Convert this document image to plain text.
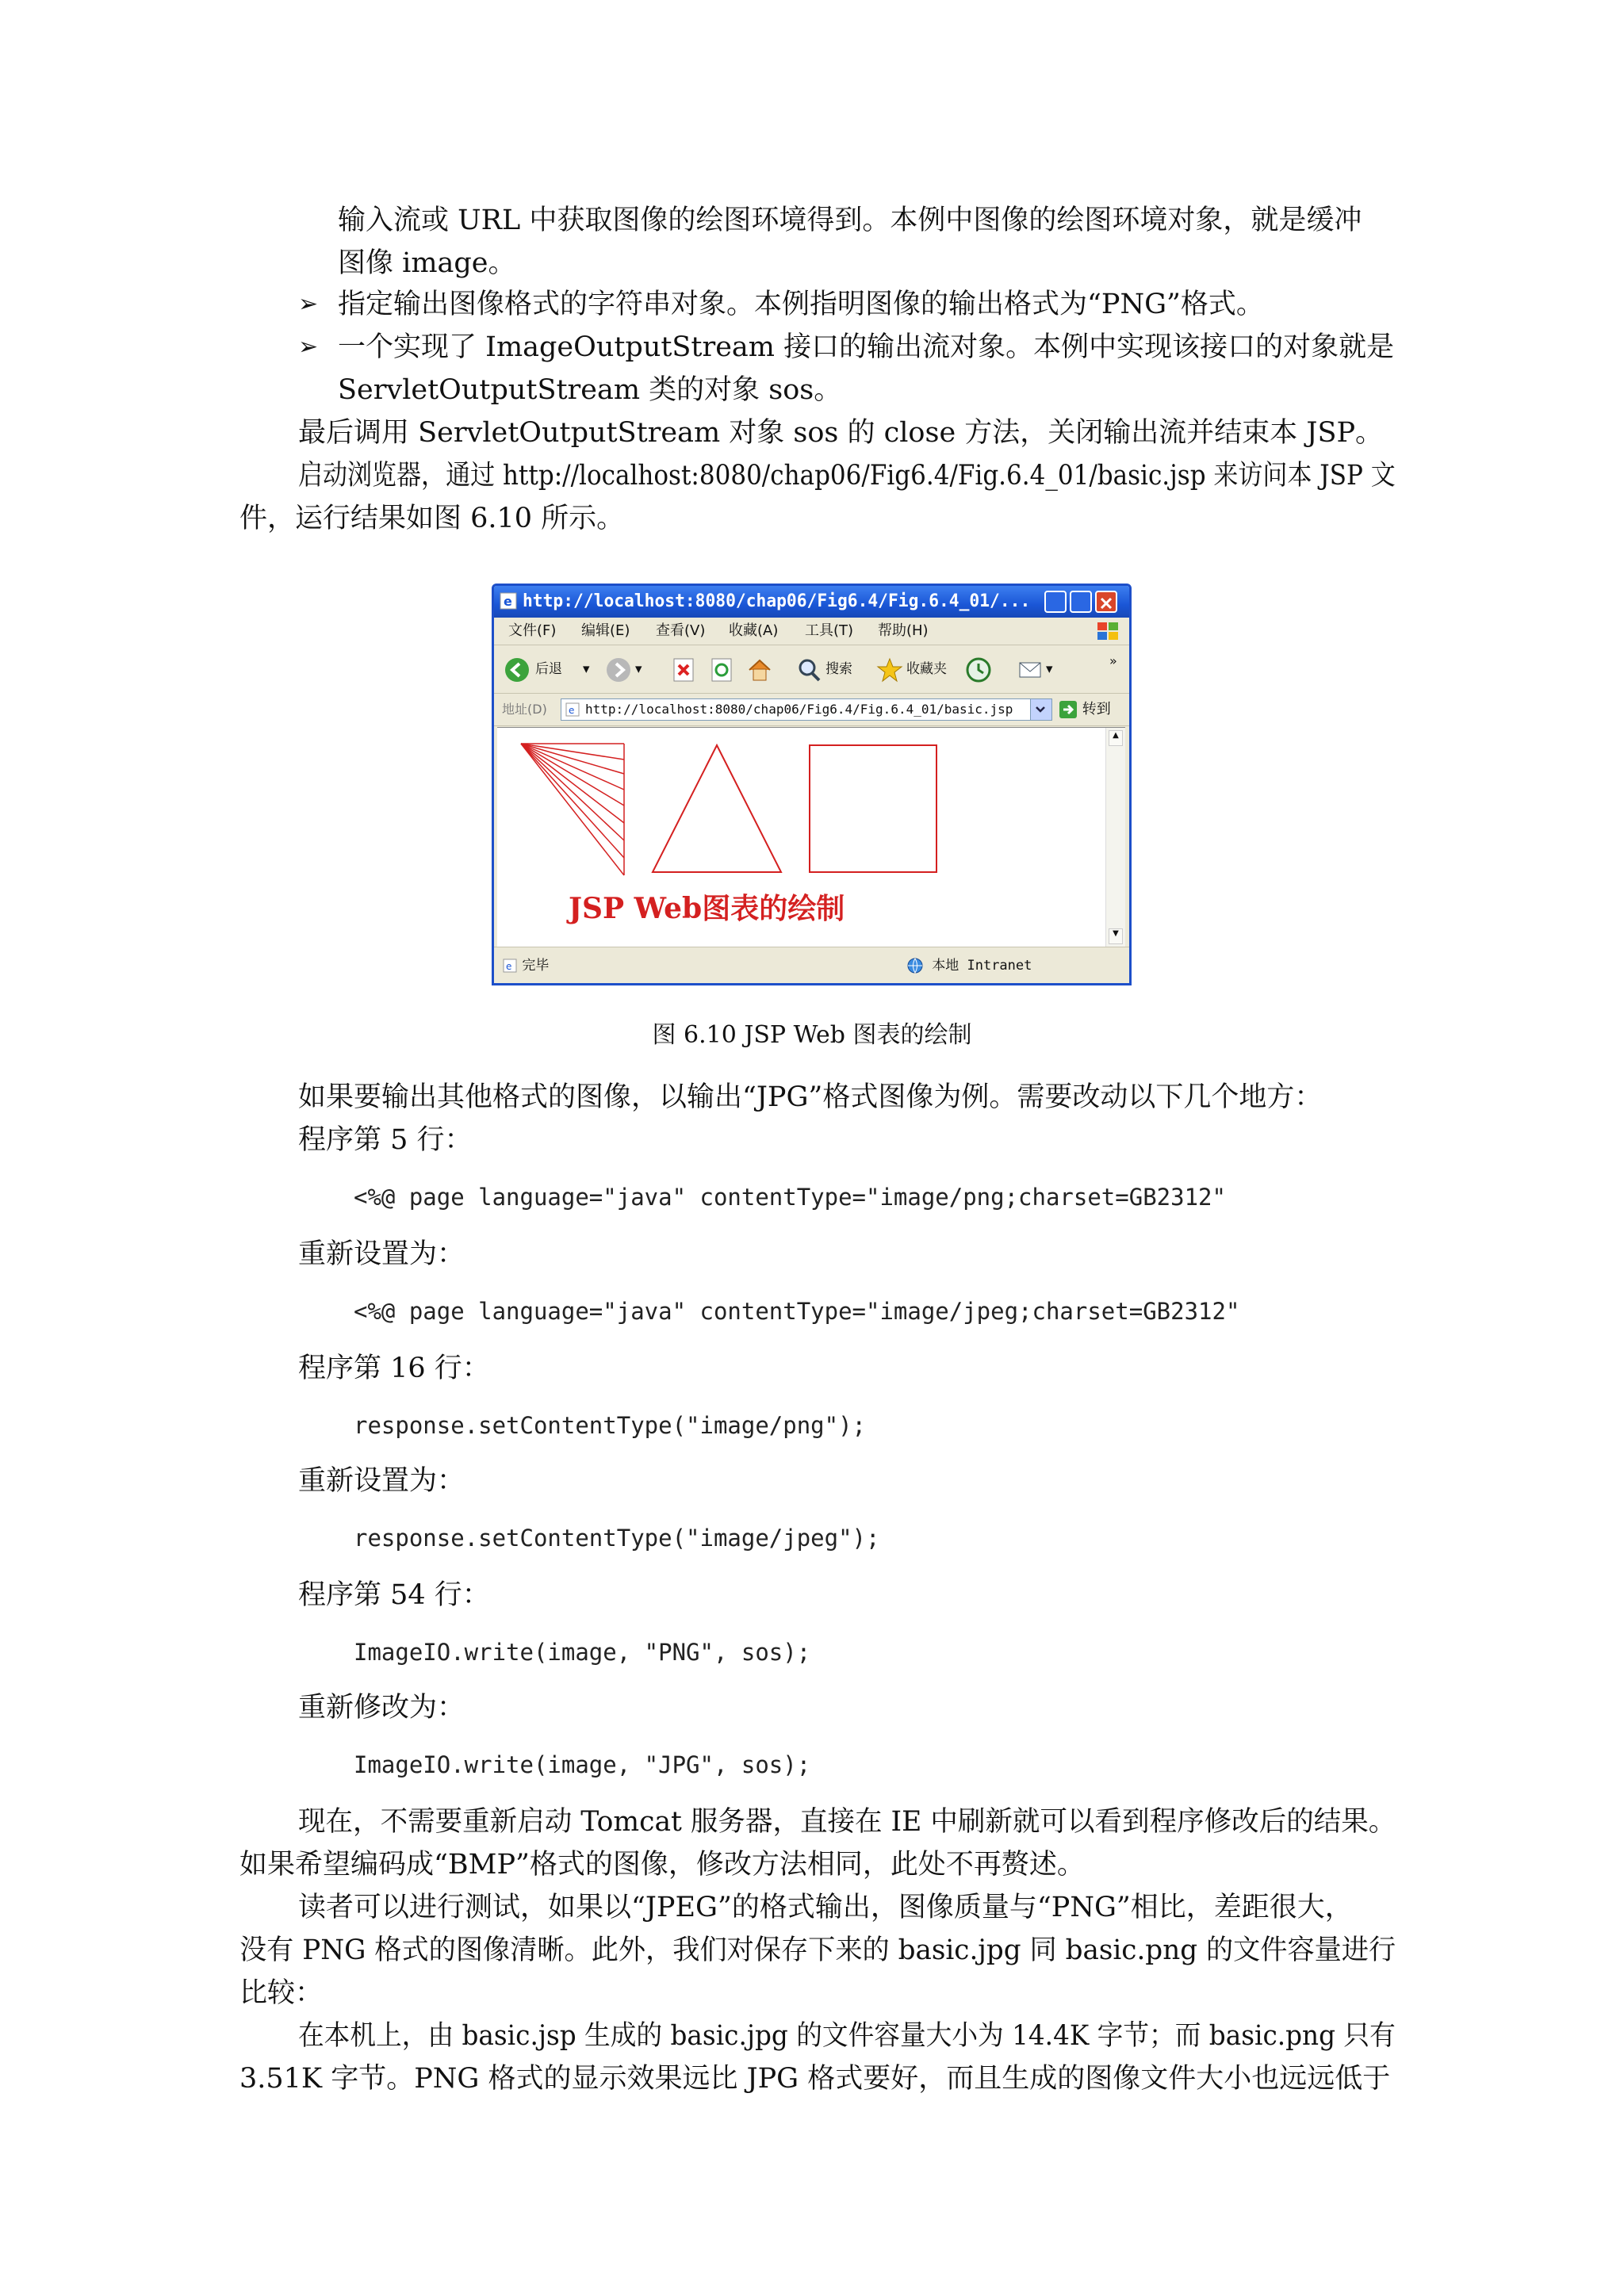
输入流或 URL 中获取图像的绘图环境得到。本例中图像的绘图环境对象，就是缓冲
图像 image。
➢ 指定输出图像格式的字符串对象。本例指明图像的输出格式为“PNG”格式。
➢ 一个实现了 ImageOutputStream 接口的输出流对象。本例中实现该接口的对象就是
ServletOutputStream 类的对象 sos。
最后调用 ServletOutputStream 对象 sos 的 close 方法，关闭输出流并结束本 JSP。
启动浏览器，通过 http://localhost:8080/chap06/Fig6.4/Fig.6.4_01/basic.jsp 来访问本 JSP 文
件，运行结果如图 6.10 所示。
e http://localhost:8080/chap06/Fig6.4/Fig.6.4_01/...
文件(F) 编辑(E) 查看(V) 收藏(A) 工具(T) 帮助(H)
后退 ▾	▾	搜索	收藏夹	▾
»
地址(D) e http://localhost:8080/chap06/Fig6.4/Fig.6.4_01/basic.jsp	转到
JSP Web图表的绘制
▲
▼
e 完毕	本地 Intranet
图 6.10 JSP Web 图表的绘制
如果要输出其他格式的图像，以输出“JPG”格式图像为例。需要改动以下几个地方：
程序第 5 行：
<%@ page language="java" contentType="image/png;charset=GB2312"
重新设置为：
<%@ page language="java" contentType="image/jpeg;charset=GB2312"
程序第 16 行：
response.setContentType("image/png");
重新设置为：
response.setContentType("image/jpeg");
程序第 54 行：
ImageIO.write(image, "PNG", sos);
重新修改为：
ImageIO.write(image, "JPG", sos);
现在，不需要重新启动 Tomcat 服务器，直接在 IE 中刷新就可以看到程序修改后的结果。
如果希望编码成“BMP”格式的图像，修改方法相同，此处不再赘述。
读者可以进行测试，如果以“JPEG”的格式输出，图像质量与“PNG”相比，差距很大，
没有 PNG 格式的图像清晰。此外，我们对保存下来的 basic.jpg 同 basic.png 的文件容量进行
比较：
在本机上，由 basic.jsp 生成的 basic.jpg 的文件容量大小为 14.4K 字节；而 basic.png 只有
3.51K 字节。PNG 格式的显示效果远比 JPG 格式要好，而且生成的图像文件大小也远远低于
